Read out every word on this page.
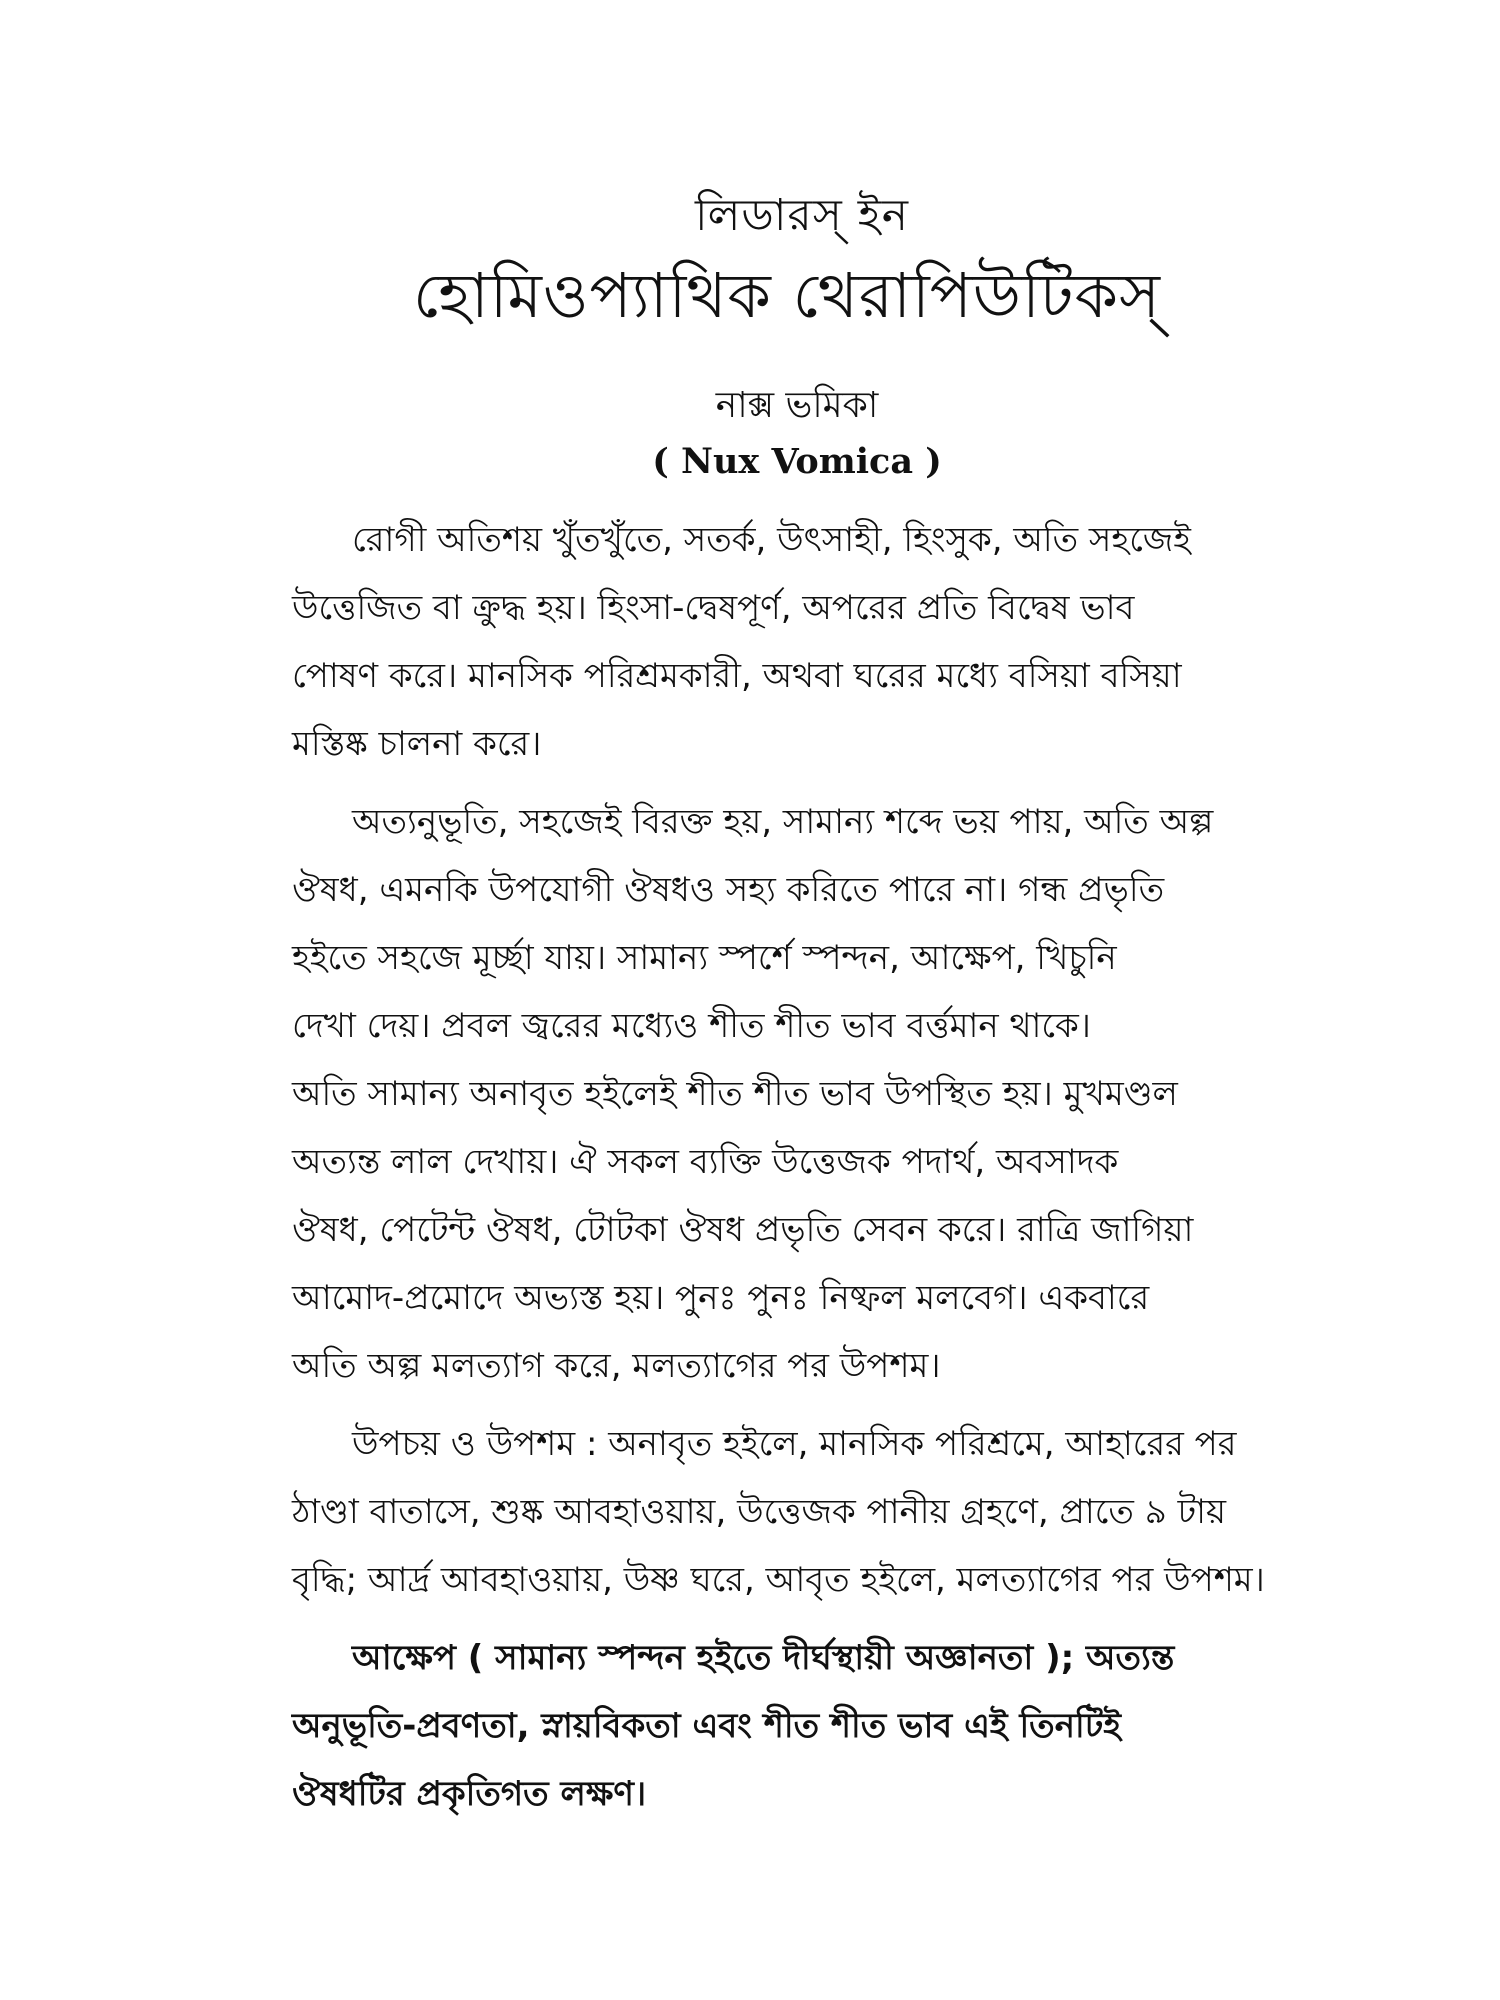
লিডারস্ ইন
হোমিওপ্যাথিক থেরাপিউটিকস্
নাক্স ভমিকা
( Nux Vomica )
রোগী অতিশয় খুঁতখুঁতে, সতর্ক, উৎসাহী, হিংসুক, অতি সহজেই
উত্তেজিত বা ক্রুদ্ধ হয়। হিংসা-দ্বেষপূর্ণ, অপরের প্রতি বিদ্বেষ ভাব
পোষণ করে। মানসিক পরিশ্রমকারী, অথবা ঘরের মধ্যে বসিয়া বসিয়া
মস্তিষ্ক চালনা করে।
অত্যনুভূতি, সহজেই বিরক্ত হয়, সামান্য শব্দে ভয় পায়, অতি অল্প
ঔষধ, এমনকি উপযোগী ঔষধও সহ্য করিতে পারে না। গন্ধ প্রভৃতি
হইতে সহজে মূর্চ্ছা যায়। সামান্য স্পর্শে স্পন্দন, আক্ষেপ, খিচুনি
দেখা দেয়। প্রবল জ্বরের মধ্যেও শীত শীত ভাব বর্ত্তমান থাকে।
অতি সামান্য অনাবৃত হইলেই শীত শীত ভাব উপস্থিত হয়। মুখমণ্ডল
অত্যন্ত লাল দেখায়। ঐ সকল ব্যক্তি উত্তেজক পদার্থ, অবসাদক
ঔষধ, পেটেন্ট ঔষধ, টোটকা ঔষধ প্রভৃতি সেবন করে। রাত্রি জাগিয়া
আমোদ-প্রমোদে অভ্যস্ত হয়। পুনঃ পুনঃ নিষ্ফল মলবেগ। একবারে
অতি অল্প মলত্যাগ করে, মলত্যাগের পর উপশম।
উপচয় ও উপশম : অনাবৃত হইলে, মানসিক পরিশ্রমে, আহারের পর
ঠাণ্ডা বাতাসে, শুষ্ক আবহাওয়ায়, উত্তেজক পানীয় গ্রহণে, প্রাতে ৯ টায়
বৃদ্ধি; আর্দ্র আবহাওয়ায়, উষ্ণ ঘরে, আবৃত হইলে, মলত্যাগের পর উপশম।
আক্ষেপ ( সামান্য স্পন্দন হইতে দীর্ঘস্থায়ী অজ্ঞানতা ); অত্যন্ত
অনুভূতি-প্রবণতা, স্নায়বিকতা এবং শীত শীত ভাব এই তিনটিই
ঔষধটির প্রকৃতিগত লক্ষণ।
